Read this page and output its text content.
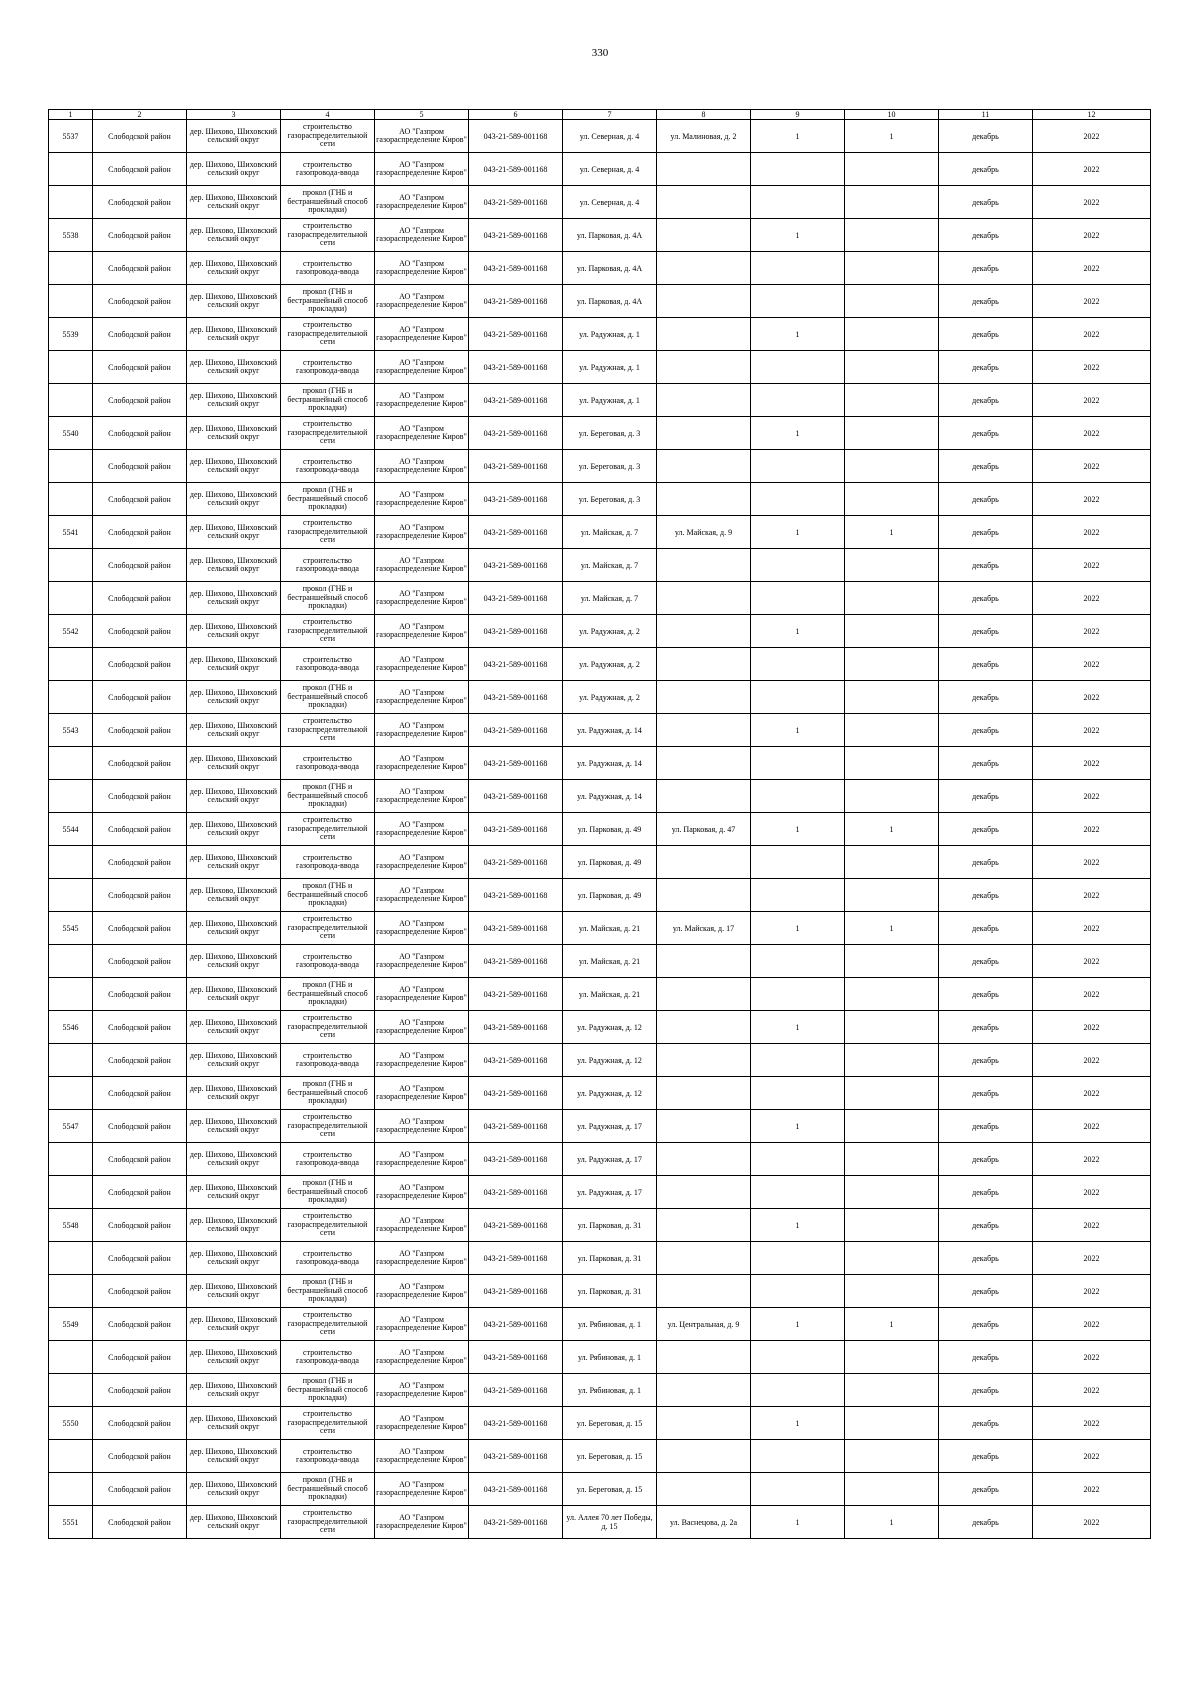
330
1	2	3	4	5	6	7	8	9	10	11	12
5537	Слободской район	дер. Шихово, Шиховский сельский округ	строительство газораспределительной сети	АО "Газпром газораспределение Киров"	043-21-589-001168	ул. Северная, д. 4	ул. Малиновая, д. 2	1	1	декабрь	2022
	Слободской район	дер. Шихово, Шиховский сельский округ	строительство газопровода-ввода	АО "Газпром газораспределение Киров"	043-21-589-001168	ул. Северная, д. 4				декабрь	2022
	Слободской район	дер. Шихово, Шиховский сельский округ	прокол (ГНБ и бестраншейный способ прокладки)	АО "Газпром газораспределение Киров"	043-21-589-001168	ул. Северная, д. 4				декабрь	2022
5538	Слободской район	дер. Шихово, Шиховский сельский округ	строительство газораспределительной сети	АО "Газпром газораспределение Киров"	043-21-589-001168	ул. Парковая, д. 4А		1		декабрь	2022
	Слободской район	дер. Шихово, Шиховский сельский округ	строительство газопровода-ввода	АО "Газпром газораспределение Киров"	043-21-589-001168	ул. Парковая, д. 4А				декабрь	2022
	Слободской район	дер. Шихово, Шиховский сельский округ	прокол (ГНБ и бестраншейный способ прокладки)	АО "Газпром газораспределение Киров"	043-21-589-001168	ул. Парковая, д. 4А				декабрь	2022
5539	Слободской район	дер. Шихово, Шиховский сельский округ	строительство газораспределительной сети	АО "Газпром газораспределение Киров"	043-21-589-001168	ул. Радужная, д. 1		1		декабрь	2022
	Слободской район	дер. Шихово, Шиховский сельский округ	строительство газопровода-ввода	АО "Газпром газораспределение Киров"	043-21-589-001168	ул. Радужная, д. 1				декабрь	2022
	Слободской район	дер. Шихово, Шиховский сельский округ	прокол (ГНБ и бестраншейный способ прокладки)	АО "Газпром газораспределение Киров"	043-21-589-001168	ул. Радужная, д. 1				декабрь	2022
5540	Слободской район	дер. Шихово, Шиховский сельский округ	строительство газораспределительной сети	АО "Газпром газораспределение Киров"	043-21-589-001168	ул. Береговая, д. 3		1		декабрь	2022
	Слободской район	дер. Шихово, Шиховский сельский округ	строительство газопровода-ввода	АО "Газпром газораспределение Киров"	043-21-589-001168	ул. Береговая, д. 3				декабрь	2022
	Слободской район	дер. Шихово, Шиховский сельский округ	прокол (ГНБ и бестраншейный способ прокладки)	АО "Газпром газораспределение Киров"	043-21-589-001168	ул. Береговая, д. 3				декабрь	2022
5541	Слободской район	дер. Шихово, Шиховский сельский округ	строительство газораспределительной сети	АО "Газпром газораспределение Киров"	043-21-589-001168	ул. Майская, д. 7	ул. Майская, д. 9	1	1	декабрь	2022
	Слободской район	дер. Шихово, Шиховский сельский округ	строительство газопровода-ввода	АО "Газпром газораспределение Киров"	043-21-589-001168	ул. Майская, д. 7				декабрь	2022
	Слободской район	дер. Шихово, Шиховский сельский округ	прокол (ГНБ и бестраншейный способ прокладки)	АО "Газпром газораспределение Киров"	043-21-589-001168	ул. Майская, д. 7				декабрь	2022
5542	Слободской район	дер. Шихово, Шиховский сельский округ	строительство газораспределительной сети	АО "Газпром газораспределение Киров"	043-21-589-001168	ул. Радужная, д. 2		1		декабрь	2022
	Слободской район	дер. Шихово, Шиховский сельский округ	строительство газопровода-ввода	АО "Газпром газораспределение Киров"	043-21-589-001168	ул. Радужная, д. 2				декабрь	2022
	Слободской район	дер. Шихово, Шиховский сельский округ	прокол (ГНБ и бестраншейный способ прокладки)	АО "Газпром газораспределение Киров"	043-21-589-001168	ул. Радужная, д. 2				декабрь	2022
5543	Слободской район	дер. Шихово, Шиховский сельский округ	строительство газораспределительной сети	АО "Газпром газораспределение Киров"	043-21-589-001168	ул. Радужная, д. 14		1		декабрь	2022
	Слободской район	дер. Шихово, Шиховский сельский округ	строительство газопровода-ввода	АО "Газпром газораспределение Киров"	043-21-589-001168	ул. Радужная, д. 14				декабрь	2022
	Слободской район	дер. Шихово, Шиховский сельский округ	прокол (ГНБ и бестраншейный способ прокладки)	АО "Газпром газораспределение Киров"	043-21-589-001168	ул. Радужная, д. 14				декабрь	2022
5544	Слободской район	дер. Шихово, Шиховский сельский округ	строительство газораспределительной сети	АО "Газпром газораспределение Киров"	043-21-589-001168	ул. Парковая, д. 49	ул. Парковая, д. 47	1	1	декабрь	2022
	Слободской район	дер. Шихово, Шиховский сельский округ	строительство газопровода-ввода	АО "Газпром газораспределение Киров"	043-21-589-001168	ул. Парковая, д. 49				декабрь	2022
	Слободской район	дер. Шихово, Шиховский сельский округ	прокол (ГНБ и бестраншейный способ прокладки)	АО "Газпром газораспределение Киров"	043-21-589-001168	ул. Парковая, д. 49				декабрь	2022
5545	Слободской район	дер. Шихово, Шиховский сельский округ	строительство газораспределительной сети	АО "Газпром газораспределение Киров"	043-21-589-001168	ул. Майская, д. 21	ул. Майская, д. 17	1	1	декабрь	2022
	Слободской район	дер. Шихово, Шиховский сельский округ	строительство газопровода-ввода	АО "Газпром газораспределение Киров"	043-21-589-001168	ул. Майская, д. 21				декабрь	2022
	Слободской район	дер. Шихово, Шиховский сельский округ	прокол (ГНБ и бестраншейный способ прокладки)	АО "Газпром газораспределение Киров"	043-21-589-001168	ул. Майская, д. 21				декабрь	2022
5546	Слободской район	дер. Шихово, Шиховский сельский округ	строительство газораспределительной сети	АО "Газпром газораспределение Киров"	043-21-589-001168	ул. Радужная, д. 12		1		декабрь	2022
	Слободской район	дер. Шихово, Шиховский сельский округ	строительство газопровода-ввода	АО "Газпром газораспределение Киров"	043-21-589-001168	ул. Радужная, д. 12				декабрь	2022
	Слободской район	дер. Шихово, Шиховский сельский округ	прокол (ГНБ и бестраншейный способ прокладки)	АО "Газпром газораспределение Киров"	043-21-589-001168	ул. Радужная, д. 12				декабрь	2022
5547	Слободской район	дер. Шихово, Шиховский сельский округ	строительство газораспределительной сети	АО "Газпром газораспределение Киров"	043-21-589-001168	ул. Радужная, д. 17		1		декабрь	2022
	Слободской район	дер. Шихово, Шиховский сельский округ	строительство газопровода-ввода	АО "Газпром газораспределение Киров"	043-21-589-001168	ул. Радужная, д. 17				декабрь	2022
	Слободской район	дер. Шихово, Шиховский сельский округ	прокол (ГНБ и бестраншейный способ прокладки)	АО "Газпром газораспределение Киров"	043-21-589-001168	ул. Радужная, д. 17				декабрь	2022
5548	Слободской район	дер. Шихово, Шиховский сельский округ	строительство газораспределительной сети	АО "Газпром газораспределение Киров"	043-21-589-001168	ул. Парковая, д. 31		1		декабрь	2022
	Слободской район	дер. Шихово, Шиховский сельский округ	строительство газопровода-ввода	АО "Газпром газораспределение Киров"	043-21-589-001168	ул. Парковая, д. 31				декабрь	2022
	Слободской район	дер. Шихово, Шиховский сельский округ	прокол (ГНБ и бестраншейный способ прокладки)	АО "Газпром газораспределение Киров"	043-21-589-001168	ул. Парковая, д. 31				декабрь	2022
5549	Слободской район	дер. Шихово, Шиховский сельский округ	строительство газораспределительной сети	АО "Газпром газораспределение Киров"	043-21-589-001168	ул. Рябиновая, д. 1	ул. Центральная, д. 9	1	1	декабрь	2022
	Слободской район	дер. Шихово, Шиховский сельский округ	строительство газопровода-ввода	АО "Газпром газораспределение Киров"	043-21-589-001168	ул. Рябиновая, д. 1				декабрь	2022
	Слободской район	дер. Шихово, Шиховский сельский округ	прокол (ГНБ и бестраншейный способ прокладки)	АО "Газпром газораспределение Киров"	043-21-589-001168	ул. Рябиновая, д. 1				декабрь	2022
5550	Слободской район	дер. Шихово, Шиховский сельский округ	строительство газораспределительной сети	АО "Газпром газораспределение Киров"	043-21-589-001168	ул. Береговая, д. 15		1		декабрь	2022
	Слободской район	дер. Шихово, Шиховский сельский округ	строительство газопровода-ввода	АО "Газпром газораспределение Киров"	043-21-589-001168	ул. Береговая, д. 15				декабрь	2022
	Слободской район	дер. Шихово, Шиховский сельский округ	прокол (ГНБ и бестраншейный способ прокладки)	АО "Газпром газораспределение Киров"	043-21-589-001168	ул. Береговая, д. 15				декабрь	2022
5551	Слободской район	дер. Шихово, Шиховский сельский округ	строительство газораспределительной сети	АО "Газпром газораспределение Киров"	043-21-589-001168	ул. Аллея 70 лет Победы, д. 15	ул. Васнецова, д. 2а	1	1	декабрь	2022
